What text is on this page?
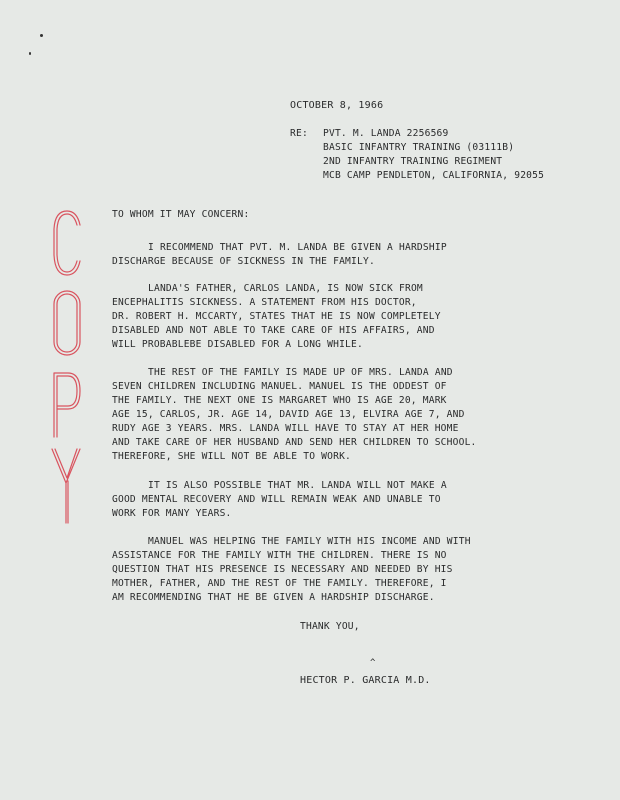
OCTOBER 8, 1966
RE: PVT. M. LANDA 2256569
BASIC INFANTRY TRAINING (03111B)
2ND INFANTRY TRAINING REGIMENT
MCB CAMP PENDLETON, CALIFORNIA, 92055
TO WHOM IT MAY CONCERN:
I RECOMMEND THAT PVT. M. LANDA BE GIVEN A HARDSHIP
DISCHARGE BECAUSE OF SICKNESS IN THE FAMILY.
LANDA'S FATHER, CARLOS LANDA, IS NOW SICK FROM
ENCEPHALITIS SICKNESS. A STATEMENT FROM HIS DOCTOR,
DR. ROBERT H. MCCARTY, STATES THAT HE IS NOW COMPLETELY
DISABLED AND NOT ABLE TO TAKE CARE OF HIS AFFAIRS, AND
WILL PROBABLEBE DISABLED FOR A LONG WHILE.
THE REST OF THE FAMILY IS MADE UP OF MRS. LANDA AND
SEVEN CHILDREN INCLUDING MANUEL. MANUEL IS THE ODDEST OF
THE FAMILY. THE NEXT ONE IS MARGARET WHO IS AGE 20, MARK
AGE 15, CARLOS, JR. AGE 14, DAVID AGE 13, ELVIRA AGE 7, AND
RUDY AGE 3 YEARS. MRS. LANDA WILL HAVE TO STAY AT HER HOME
AND TAKE CARE OF HER HUSBAND AND SEND HER CHILDREN TO SCHOOL.
THEREFORE, SHE WILL NOT BE ABLE TO WORK.
IT IS ALSO POSSIBLE THAT MR. LANDA WILL NOT MAKE A
GOOD MENTAL RECOVERY AND WILL REMAIN WEAK AND UNABLE TO
WORK FOR MANY YEARS.
MANUEL WAS HELPING THE FAMILY WITH HIS INCOME AND WITH
ASSISTANCE FOR THE FAMILY WITH THE CHILDREN. THERE IS NO
QUESTION THAT HIS PRESENCE IS NECESSARY AND NEEDED BY HIS
MOTHER, FATHER, AND THE REST OF THE FAMILY. THEREFORE, I
AM RECOMMENDING THAT HE BE GIVEN A HARDSHIP DISCHARGE.
THANK YOU,
^
HECTOR P. GARCIA M.D.
